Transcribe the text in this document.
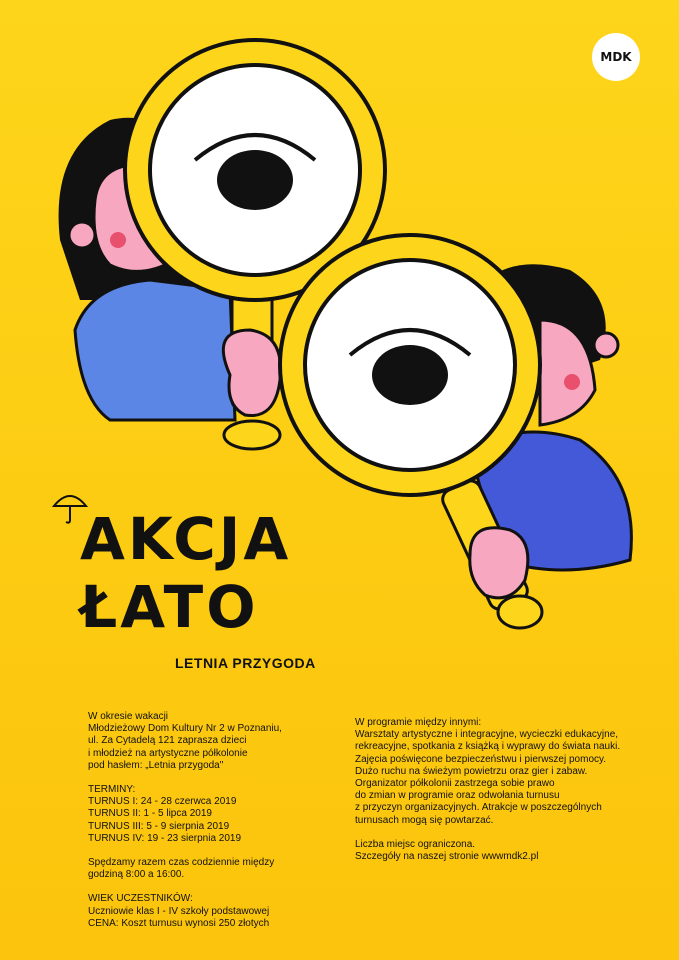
MDK
AKCJA
ŁATO
LETNIA PRZYGODA
W okresie wakacji
Młodzieżowy Dom Kultury Nr 2 w Poznaniu,
ul. Za Cytadelą 121 zaprasza dzieci
i młodzież na artystyczne półkolonie
pod hasłem: „Letnia przygoda"
TERMINY:
TURNUS I: 24 - 28 czerwca 2019
TURNUS II: 1 - 5 lipca 2019
TURNUS III: 5 - 9 sierpnia 2019
TURNUS IV: 19 - 23 sierpnia 2019
Spędzamy razem czas codziennie między
godziną 8:00 a 16:00.
WIEK UCZESTNIKÓW:
Uczniowie klas I - IV szkoły podstawowej
CENA: Koszt turnusu wynosi 250 złotych
W programie między innymi:
Warsztaty artystyczne i integracyjne, wycieczki edukacyjne,
rekreacyjne, spotkania z książką i wyprawy do świata nauki.
Zajęcia poświęcone bezpieczeństwu i pierwszej pomocy.
Dużo ruchu na świeżym powietrzu oraz gier i zabaw.
Organizator półkolonii zastrzega sobie prawo
do zmian w programie oraz odwołania turnusu
z przyczyn organizacyjnych. Atrakcje w poszczególnych
turnusach mogą się powtarzać.
Liczba miejsc ograniczona.
Szczegóły na naszej stronie wwwmdk2.pl
